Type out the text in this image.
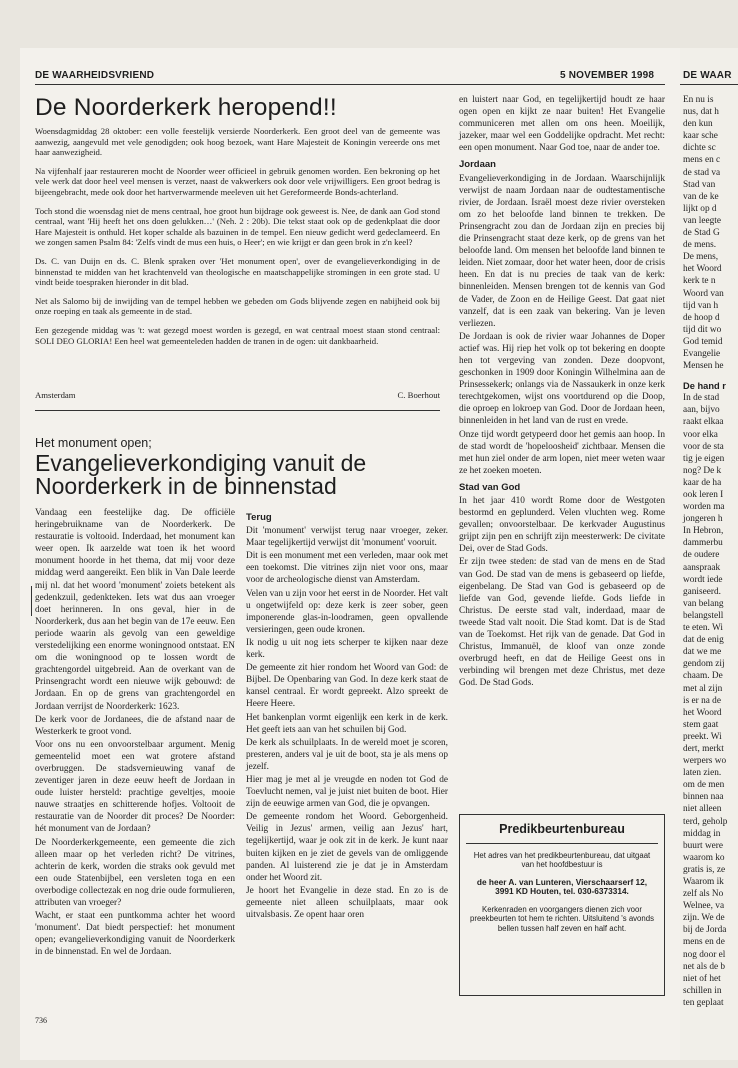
DE WAARHEIDSVRIEND	5 NOVEMBER 1998	DE WAAR
En nu is
nus, dat h
den kun
kaar sche
dichte sc
mens en c
de stad va
Stad van
van de ke
lijkt op d
van leegte
de Stad G
de mens.
De mens,
het Woord
kerk te n
Woord van
tijd van h
de hoop d
tijd dit wo
God temid
Evangelie
Mensen he
De hand r
In de stad
aan, bijvo
raakt elkaa
voor elka
voor de sta
tig je eigen
nog? De k
kaar de ha
ook leren I
worden ma
jongeren h
In Hebron,
dammerbu
de oudere
aanspraak
wordt iede
ganiseerd.
van belang
belangstell
te eten. Wi
dat de enig
dat we me
gendom zij
chaam. De
met al zijn
is er na de
het Woord
stem gaat
preekt. Wi
dert, merkt
werpers wo
laten zien.
om de men
binnen naa
niet alleen
terd, geholp
middag in
buurt were
waarom ko
gratis is, ze
Waarom ik
zelf als No
Welnee, va
zijn. We de
bij de Jorda
mens en de
nog door el
net als de b
niet of het
schillen in
ten geplaat
De Noorderkerk heropend!!

Woensdagmiddag 28 oktober: een volle feestelijk versierde Noorderkerk. Een groot deel van de gemeente was aanwezig, aangevuld met vele genodigden; ook hoog bezoek, want Hare Majesteit de Koningin vereerde ons met haar aanwezigheid.

Na vijfenhalf jaar restaureren mocht de Noorder weer officieel in gebruik genomen worden. Een bekroning op het vele werk dat door heel veel mensen is verzet, naast de vakwerkers ook door vele vrijwilligers. Een groot bedrag is bijeengebracht, mede ook door het hartverwarmende meeleven uit het Gereformeerde Bonds-achterland.

Toch stond die woensdag niet de mens centraal, hoe groot hun bijdrage ook geweest is. Nee, de dank aan God stond centraal, want 'Hij heeft het ons doen gelukken…' (Neh. 2 : 20b). Die tekst staat ook op de gedenkplaat die door Hare Majesteit is onthuld. Het koper schalde als bazuinen in de tempel. Een nieuw gedicht werd gedeclameerd. En we zongen samen Psalm 84: 'Zelfs vindt de mus een huis, o Heer'; en wie krijgt er dan geen brok in z'n keel?

Ds. C. van Duijn en ds. C. Blenk spraken over 'Het monument open', over de evangelieverkondiging in de binnenstad te midden van het krachtenveld van theologische en maatschappelijke stromingen in een grote stad. U vindt beide toespraken hieronder in dit blad.

Net als Salomo bij de inwijding van de tempel hebben we gebeden om Gods blijvende zegen en nabijheid ook bij onze roeping en taak als gemeente in de stad.

Een gezegende middag was 't: wat gezegd moest worden is gezegd, en wat centraal moest staan stond centraal: SOLI DEO GLORIA! Een heel wat gemeenteleden hadden de tranen in de ogen: uit dankbaarheid.

Amsterdam	C. Boerhout
Het monument open;
Evangelieverkondiging vanuit de Noorderkerk in de binnenstad

Vandaag een feestelijke dag. De officiële heringebruikname van de Noorderkerk. De restauratie is voltooid. Inderdaad, het monument kan weer open. Ik aarzelde wat toen ik het woord monument hoorde in het thema, dat mij voor deze middag werd aangereikt. Een blik in Van Dale leerde mij nl. dat het woord 'monument' zoiets betekent als gedenkzuil, gedenkteken. Iets wat dus aan vroeger doet herinneren. In ons geval, hier in de Noorderkerk, dus aan het begin van de 17e eeuw. Een periode waarin als gevolg van een geweldige verstedelijking een enorme woningnood ontstaat. EN om die woningnood op te lossen wordt de grachtengordel uitgebreid. Aan de overkant van de Prinsengracht wordt een nieuwe wijk gebouwd: de Jordaan. En op de grens van grachtengordel en Jordaan verrijst de Noorderkerk: 1623.

De kerk voor de Jordanees, die de afstand naar de Westerkerk te groot vond.

Voor ons nu een onvoorstelbaar argument. Menig gemeentelid moet een wat grotere afstand overbruggen. De stadsvernieuwing vanaf de zeventiger jaren in deze eeuw heeft de Jordaan in oude luister hersteld: prachtige geveltjes, mooie nauwe straatjes en schitterende hofjes. Voltooit de restauratie van de Noorder dit proces? De Noorder: hét monument van de Jordaan?

De Noorderkerkgemeente, een gemeente die zich alleen maar op het verleden richt? De vitrines, achterin de kerk, worden die straks ook gevuld met een oude Statenbijbel, een versleten toga en een overbodige collectezak en nog drie oude formulieren, attributen van vroeger?

Wacht, er staat een puntkomma achter het woord 'monument'. Dat biedt perspectief: het monument open; evangelieverkondiging vanuit de Noorderkerk in de binnenstad. En wel de Jordaan.

Terug

Dit 'monument' verwijst terug naar vroeger, zeker. Maar tegelijkertijd verwijst dit 'monument' vooruit.

Dit is een monument met een verleden, maar ook met een toekomst. Die vitrines zijn niet voor ons, maar voor de archeologische dienst van Amsterdam.

Velen van u zijn voor het eerst in de Noorder. Het valt u ongetwijfeld op: deze kerk is zeer sober, geen imponerende glas-in-loodramen, geen opvallende versieringen, geen oude kronen.

Ik nodig u uit nog iets scherper te kijken naar deze kerk.

De gemeente zit hier rondom het Woord van God: de Bijbel. De Openbaring van God. In deze kerk staat de kansel centraal. Er wordt gepreekt. Alzo spreekt de Heere Heere.

Het bankenplan vormt eigenlijk een kerk in de kerk. Het geeft iets aan van het schuilen bij God.

De kerk als schuilplaats. In de wereld moet je scoren, presteren, anders val je uit de boot, sta je als mens op jezelf.

Hier mag je met al je vreugde en noden tot God de Toevlucht nemen, val je juist niet buiten de boot. Hier zijn de eeuwige armen van God, die je opvangen.

De gemeente rondom het Woord. Geborgenheid. Veilig in Jezus' armen, veilig aan Jezus' hart, tegelijkertijd, waar je ook zit in de kerk. Je kunt naar buiten kijken en je ziet de gevels van de omliggende panden. Al luisterend zie je dat je in Amsterdam onder het Woord zit.

Je hoort het Evangelie in deze stad. En zo is de gemeente niet alleen schuilplaats, maar ook uitvalsbasis. Ze opent haar oren

en luistert naar God, en tegelijkertijd houdt ze haar ogen open en kijkt ze naar buiten! Het Evangelie communiceren met allen om ons heen. Moeilijk, jazeker, maar wel een Goddelijke opdracht. Met recht: een open monument. Naar God toe, naar de ander toe.

Jordaan

Evangelieverkondiging in de Jordaan. Waarschijnlijk verwijst de naam Jordaan naar de oudtestamentische rivier, de Jordaan. Israël moest deze rivier oversteken om zo het beloofde land binnen te trekken. De Prinsengracht zou dan de Jordaan zijn en precies bij die Prinsengracht staat deze kerk, op de grens van het beloofde land. Om mensen het beloofde land binnen te leiden. Niet zomaar, door het water heen, door de crisis heen. En dat is nu precies de taak van de kerk: binnenleiden. Mensen brengen tot de kennis van God de Vader, de Zoon en de Heilige Geest. Dat gaat niet vanzelf, dat is een zaak van bekering. Van je leven verliezen.

De Jordaan is ook de rivier waar Johannes de Doper actief was. Hij riep het volk op tot bekering en doopte hen tot vergeving van zonden. Deze doopvont, geschonken in 1909 door Koningin Wilhelmina aan de Prinsessekerk; onlangs via de Nassaukerk in onze kerk terechtgekomen, wijst ons voortdurend op die Doop, die oproep en lokroep van God. Door de Jordaan heen, binnenleiden in het land van de rust en vrede.

Onze tijd wordt getypeerd door het gemis aan hoop. In de stad wordt de 'hopeloosheid' zichtbaar. Mensen die met hun ziel onder de arm lopen, niet meer weten waar ze het zoeken moeten.

Stad van God

In het jaar 410 wordt Rome door de Westgoten bestormd en geplunderd. Velen vluchten weg. Rome gevallen; onvoorstelbaar. De kerkvader Augustinus grijpt zijn pen en schrijft zijn meesterwerk: De civitate Dei, over de Stad Gods.

Er zijn twee steden: de stad van de mens en de Stad van God. De stad van de mens is gebaseerd op liefde, eigenbelang. De Stad van God is gebaseerd op de liefde van God, gevende liefde. Gods liefde in Christus. De eerste stad valt, inderdaad, maar de tweede Stad valt nooit. Die Stad komt. Dat is de Stad van de Toekomst. Het rijk van de genade. Dat God in Christus, Immanuël, de kloof van onze zonde overbrugd heeft, en dat de Heilige Geest ons in verbinding wil brengen met deze Christus, met deze God. De Stad Gods.

Predikbeurtenbureau

Het adres van het predikbeurtenbureau, dat uitgaat van het hoofdbestuur is

de heer A. van Lunteren, Vierschaarserf 12, 3991 KD Houten, tel. 030-6373314.

Kerkenraden en voorgangers dienen zich voor preekbeurten tot hem te richten. Uitsluitend 's avonds bellen tussen half zeven en half acht.

736
